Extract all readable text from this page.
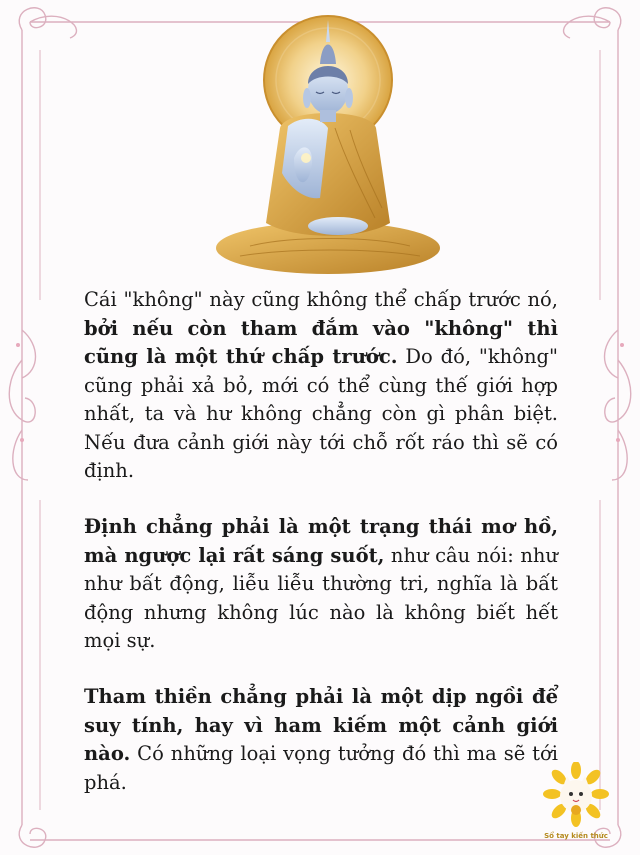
Cái "không" này cũng không thể chấp trước nó, bởi nếu còn tham đắm vào "không" thì cũng là một thứ chấp trước. Do đó, "không" cũng phải xả bỏ, mới có thể cùng thế giới hợp nhất, ta và hư không chẳng còn gì phân biệt. Nếu đưa cảnh giới này tới chỗ rốt ráo thì sẽ có định.

Định chẳng phải là một trạng thái mơ hồ, mà ngược lại rất sáng suốt, như câu nói: như như bất động, liễu liễu thường tri, nghĩa là bất động nhưng không lúc nào là không biết hết mọi sự.

Tham thiền chẳng phải là một dịp ngồi để suy tính, hay vì ham kiếm một cảnh giới nào. Có những loại vọng tưởng đó thì ma sẽ tới phá.

Sổ tay kiến thức
